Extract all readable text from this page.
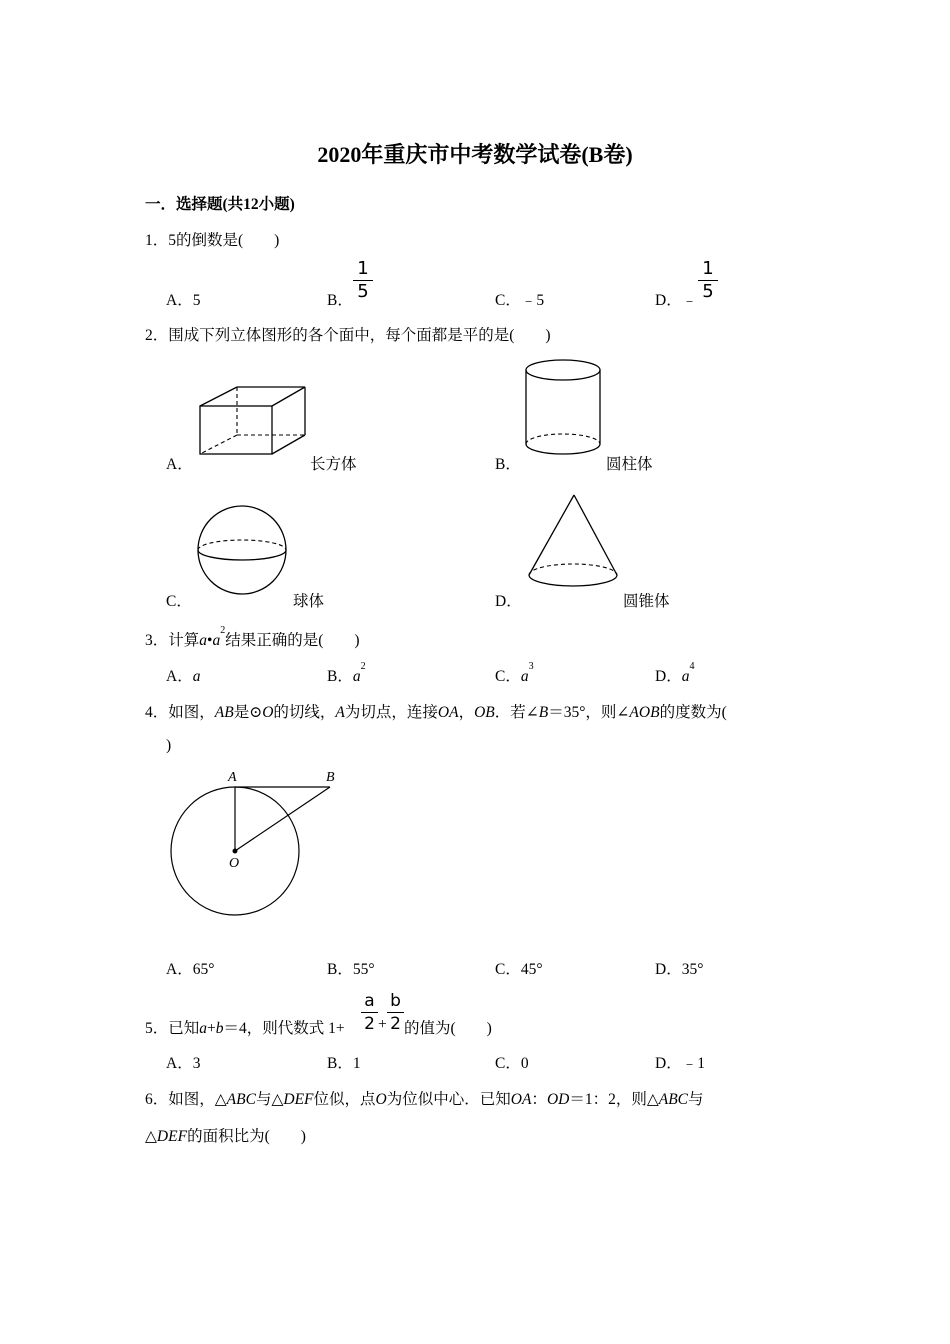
2020年重庆市中考数学试卷(B卷)
一．选择题(共12小题)
1．5的倒数是(　　)
A．5	B．
1
5	C．﹣5	D．﹣
1
5
2．围成下列立体图形的各个面中，每个面都是平的是(　　)
A．	长方体	B．	圆柱体
C．	球体	D．	圆锥体
3．计算$a•a^2$结果正确的是(　　)
A．a	B．$a^2$
C．$a^3$
D．$a^4$
4．如图，AB是⊙O的切线，A为切点，连接OA，OB．若∠B＝35°，则∠AOB的度数为(
)
A	B
O
A．65°	B．55°	C．45°	D．35°
5．已知a+b＝4，则代数式 1+
a
2 +
b
2 的值为(　　)
A．3	B．1	C．0	D．﹣1
6．如图，△ABC与△DEF位似，点O为位似中心．已知OA：OD＝1：2，则△ABC与
△DEF的面积比为(　　)
